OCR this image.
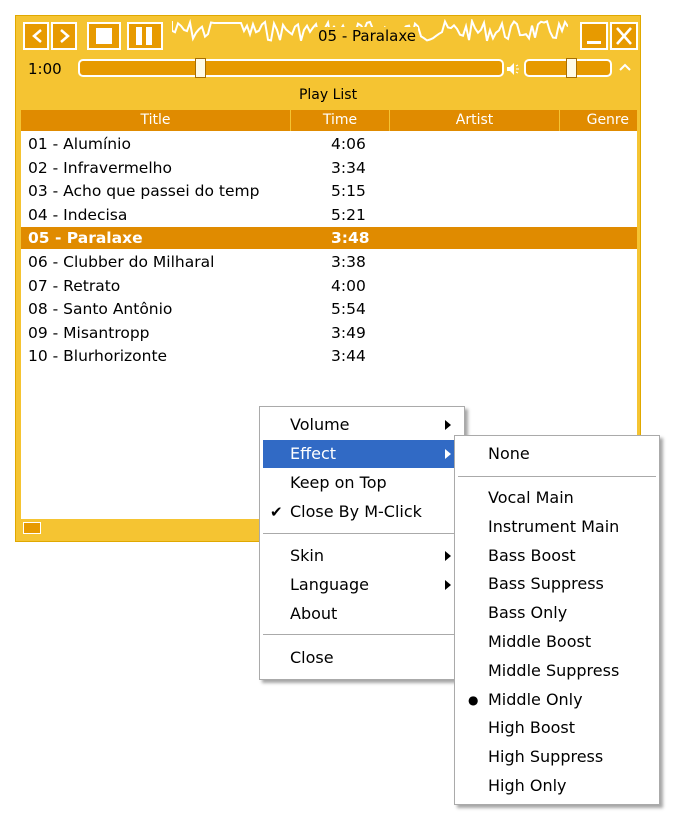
05 - Paralaxe
1:00
Play List
Title	Time	Artist	Genre
01 - Alumínio	4:06
02 - Infravermelho	3:34
03 - Acho que passei do temp	5:15
04 - Indecisa	5:21
05 - Paralaxe	3:48
06 - Clubber do Milharal	3:38
07 - Retrato	4:00
08 - Santo Antônio	5:54
09 - Misantropp	3:49
10 - Blurhorizonte	3:44
Volume
Effect
Keep on Top
✔ Close By M-Click
Skin
Language
About
Close
None
Vocal Main
Instrument Main
Bass Boost
Bass Suppress
Bass Only
Middle Boost
Middle Suppress
● Middle Only
High Boost
High Suppress
High Only
